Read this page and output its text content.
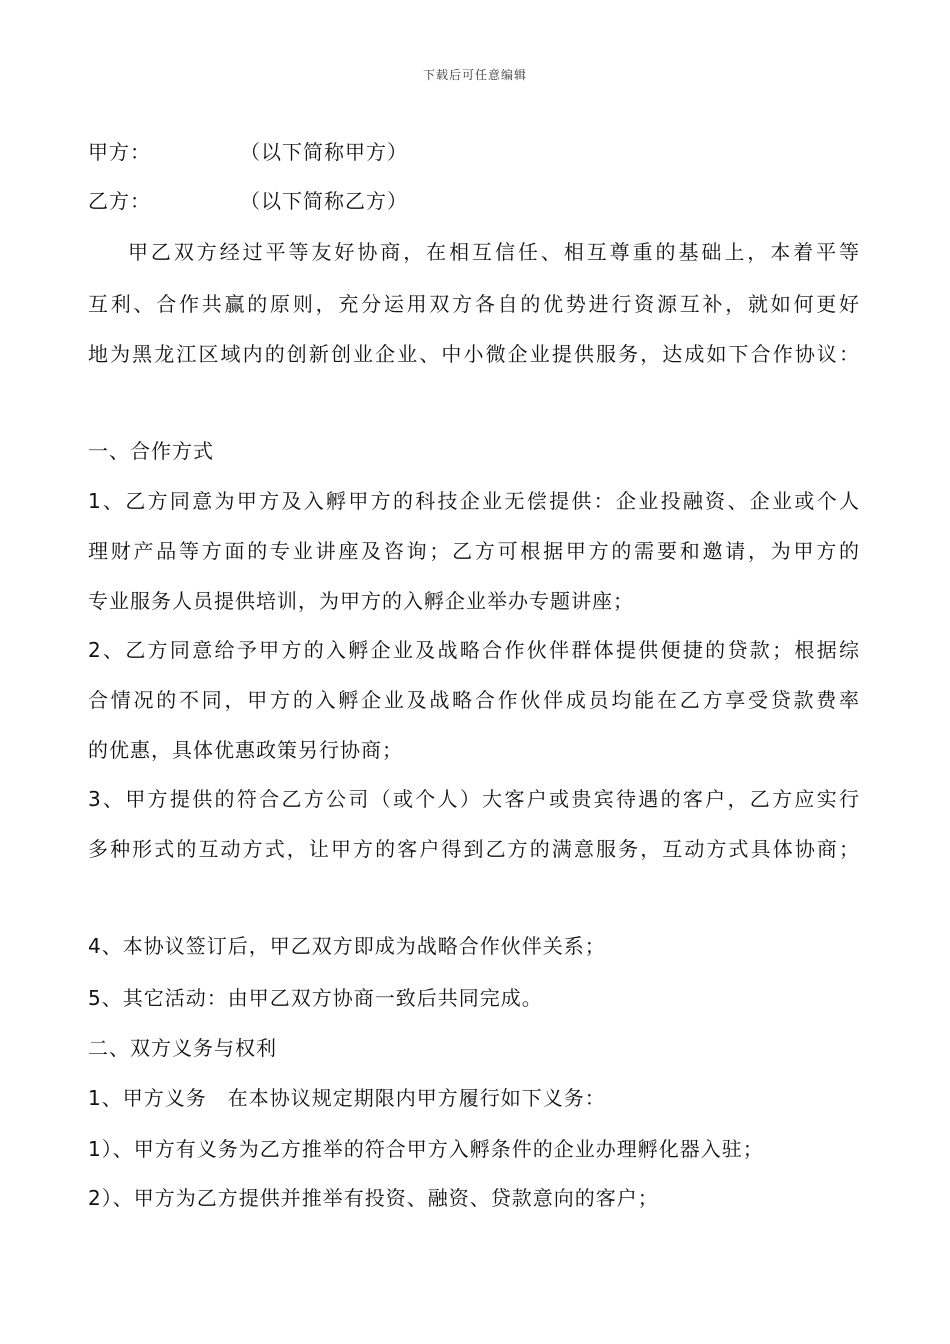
下载后可任意编辑
甲方：	（以下简称甲方）
乙方：	（以下简称乙方）
甲乙双方经过平等友好协商，在相互信任、相互尊重的基础上，本着平等
互利、合作共赢的原则，充分运用双方各自的优势进行资源互补，就如何更好
地为黑龙江区域内的创新创业企业、中小微企业提供服务，达成如下合作协议：
一、合作方式
1、乙方同意为甲方及入孵甲方的科技企业无偿提供：企业投融资、企业或个人
理财产品等方面的专业讲座及咨询；乙方可根据甲方的需要和邀请，为甲方的
专业服务人员提供培训，为甲方的入孵企业举办专题讲座；
2、乙方同意给予甲方的入孵企业及战略合作伙伴群体提供便捷的贷款；根据综
合情况的不同，甲方的入孵企业及战略合作伙伴成员均能在乙方享受贷款费率
的优惠，具体优惠政策另行协商；
3、甲方提供的符合乙方公司（或个人）大客户或贵宾待遇的客户，乙方应实行
多种形式的互动方式，让甲方的客户得到乙方的满意服务，互动方式具体协商；
4、本协议签订后，甲乙双方即成为战略合作伙伴关系；
5、其它活动：由甲乙双方协商一致后共同完成。
二、双方义务与权利
1、甲方义务　在本协议规定期限内甲方履行如下义务：
1）、甲方有义务为乙方推举的符合甲方入孵条件的企业办理孵化器入驻；
2）、甲方为乙方提供并推举有投资、融资、贷款意向的客户；
